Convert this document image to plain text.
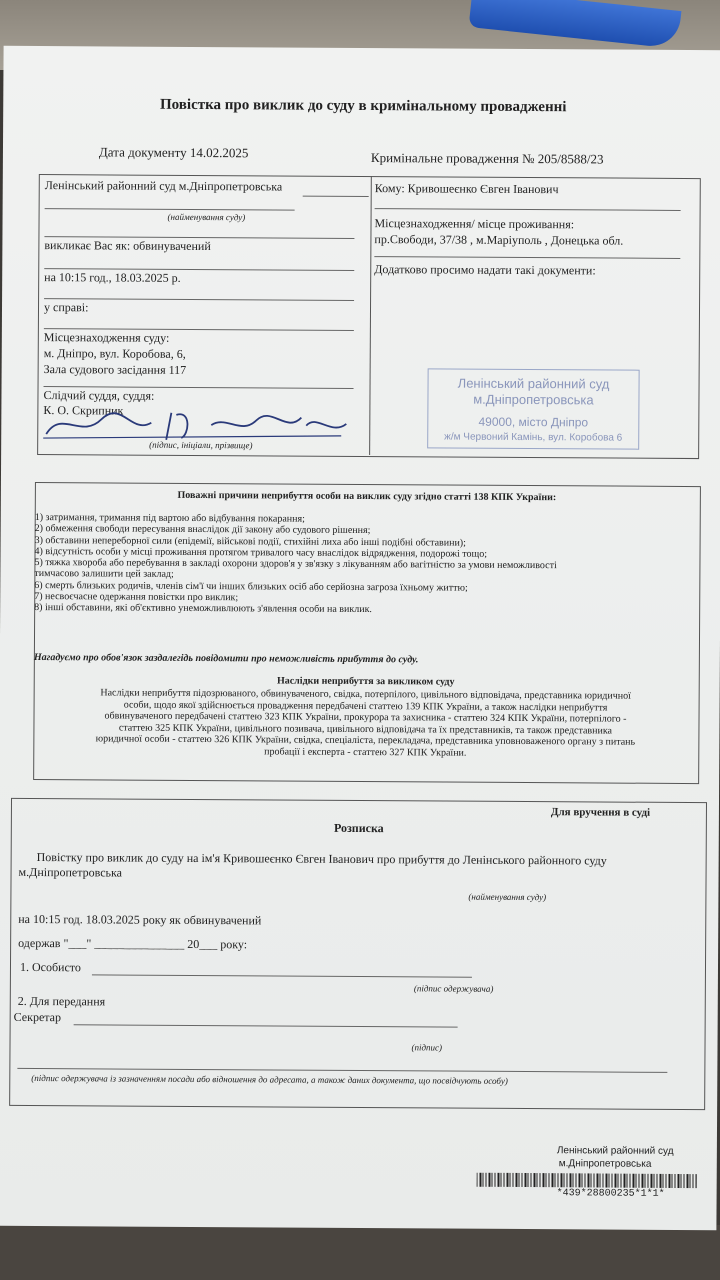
Повістка про виклик до суду в кримінальному провадженні
Дата документу 14.02.2025	Кримінальне провадження № 205/8588/23
Ленінський районний суд м.Дніпропетровська
(найменування суду)
викликає Вас як: обвинувачений
на 10:15 год., 18.03.2025 р.
у справі:
Місцезнаходження суду:
м. Дніпро, вул. Коробова, 6,
Зала судового засідання 117
Слідчий суддя, суддя:
К. О. Скрипник
(підпис, ініціали, прізвище)
Кому: Кривошеєнко Євген Іванович
Місцезнаходження/ місце проживання:
пр.Свободи, 37/38 , м.Маріуполь , Донецька обл.
Додатково просимо надати такі документи:
Ленінський районний суд
м.Дніпропетровська
49000, місто Дніпро
ж/м Червоний Камінь, вул. Коробова 6
Поважні причини неприбуття особи на виклик суду згідно статті 138 КПК України:
1) затримання, тримання під вартою або відбування покарання;
2) обмеження свободи пересування внаслідок дії закону або судового рішення;
3) обставини непереборної сили (епідемії, військові події, стихійні лиха або інші подібні обставини);
4) відсутність особи у місці проживання протягом тривалого часу внаслідок відрядження, подорожі тощо;
5) тяжка хвороба або перебування в закладі охорони здоров'я у зв'язку з лікуванням або вагітністю за умови неможливості
тимчасово залишити цей заклад;
6) смерть близьких родичів, членів сім'ї чи інших близьких осіб або серйозна загроза їхньому життю;
7) несвоєчасне одержання повістки про виклик;
8) інші обставини, які об'єктивно унеможливлюють з'явлення особи на виклик.
Нагадуємо про обов'язок заздалегідь повідомити про неможливість прибуття до суду.
Наслідки неприбуття за викликом суду
Наслідки неприбуття підозрюваного, обвинуваченого, свідка, потерпілого, цивільного відповідача, представника юридичної
особи, щодо якої здійснюється провадження передбачені статтею 139 КПК України, а також наслідки неприбуття
обвинуваченого передбачені статтею 323 КПК України, прокурора та захисника - статтею 324 КПК України, потерпілого -
статтею 325 КПК України, цивільного позивача, цивільного відповідача та їх представників, та також представника
юридичної особи - статтею 326 КПК України, свідка, спеціаліста, перекладача, представника уповноваженого органу з питань
пробації і експерта - статтею 327 КПК України.
Для вручення в суді
Розписка
Повістку про виклик до суду на ім'я Кривошеєнко Євген Іванович про прибуття до Ленінського районного суду
м.Дніпропетровська
(найменування суду)
на 10:15 год. 18.03.2025 року як обвинувачений
одержав "___" _______________ 20___ року:
1. Особисто
(підпис одержувача)
2. Для передання
Секретар
(підпис)
(підпис одержувача із зазначенням посади або відношення до адресата, а також даних документа, що посвідчують особу)
Ленінський районний суд
м.Дніпропетровська
*439*28800235*1*1*
